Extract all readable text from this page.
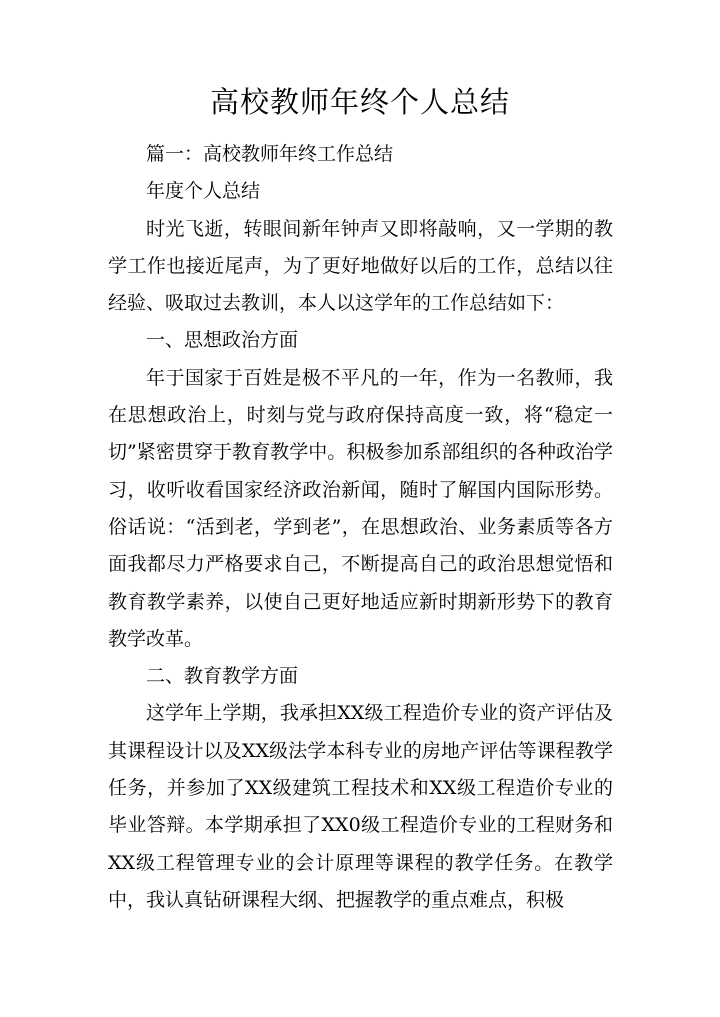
高校教师年终个人总结

篇一：高校教师年终工作总结

年度个人总结

时光飞逝，转眼间新年钟声又即将敲响，又一学期的教学工作也接近尾声，为了更好地做好以后的工作，总结以往经验、吸取过去教训，本人以这学年的工作总结如下：

一、思想政治方面

年于国家于百姓是极不平凡的一年，作为一名教师，我在思想政治上，时刻与党与政府保持高度一致，将“稳定一切”紧密贯穿于教育教学中。积极参加系部组织的各种政治学习，收听收看国家经济政治新闻，随时了解国内国际形势。俗话说：“活到老，学到老”，在思想政治、业务素质等各方面我都尽力严格要求自己，不断提高自己的政治思想觉悟和教育教学素养，以使自己更好地适应新时期新形势下的教育教学改革。

二、教育教学方面

这学年上学期，我承担XX级工程造价专业的资产评估及其课程设计以及XX级法学本科专业的房地产评估等课程教学任务，并参加了XX级建筑工程技术和XX级工程造价专业的毕业答辩。本学期承担了XX0级工程造价专业的工程财务和XX级工程管理专业的会计原理等课程的教学任务。在教学中，我认真钻研课程大纲、把握教学的重点难点，积极
